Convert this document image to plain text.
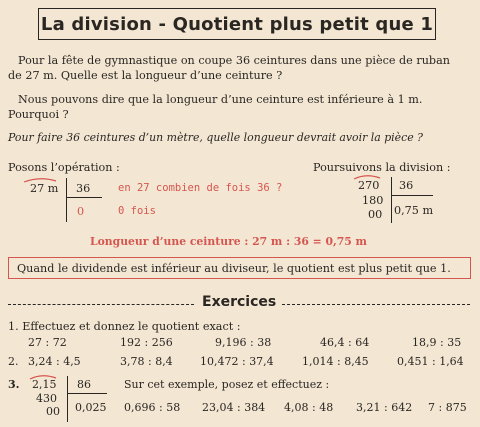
La division - Quotient plus petit que 1
Pour la fête de gymnastique on coupe 36 ceintures dans une pièce de ruban
de 27 m. Quelle est la longueur d’une ceinture ?
Nous pouvons dire que la longueur d’une ceinture est inférieure à 1 m.
Pourquoi ?
Pour faire 36 ceintures d’un mètre, quelle longueur devrait avoir la pièce ?
Posons l’opération :
27 m 36
0
en 27 combien de fois 36 ?
0 fois
Poursuivons la division :
270 36
180
00 0,75 m
Longueur d’une ceinture : 27 m : 36 = 0,75 m
Quand le dividende est inférieur au diviseur, le quotient est plus petit que 1.
Exercices
1. Effectuez et donnez le quotient exact :
27 : 72	192 : 256	9,196 : 38	46,4 : 64	18,9 : 35
2. 3,24 : 4,5	3,78 : 8,4 10,472 : 37,4	1,014 : 8,45	0,451 : 1,64
3. 2,15 86
430
00 0,025
Sur cet exemple, posez et effectuez :
0,696 : 58 23,04 : 384 4,08 : 48 3,21 : 642 7 : 875
